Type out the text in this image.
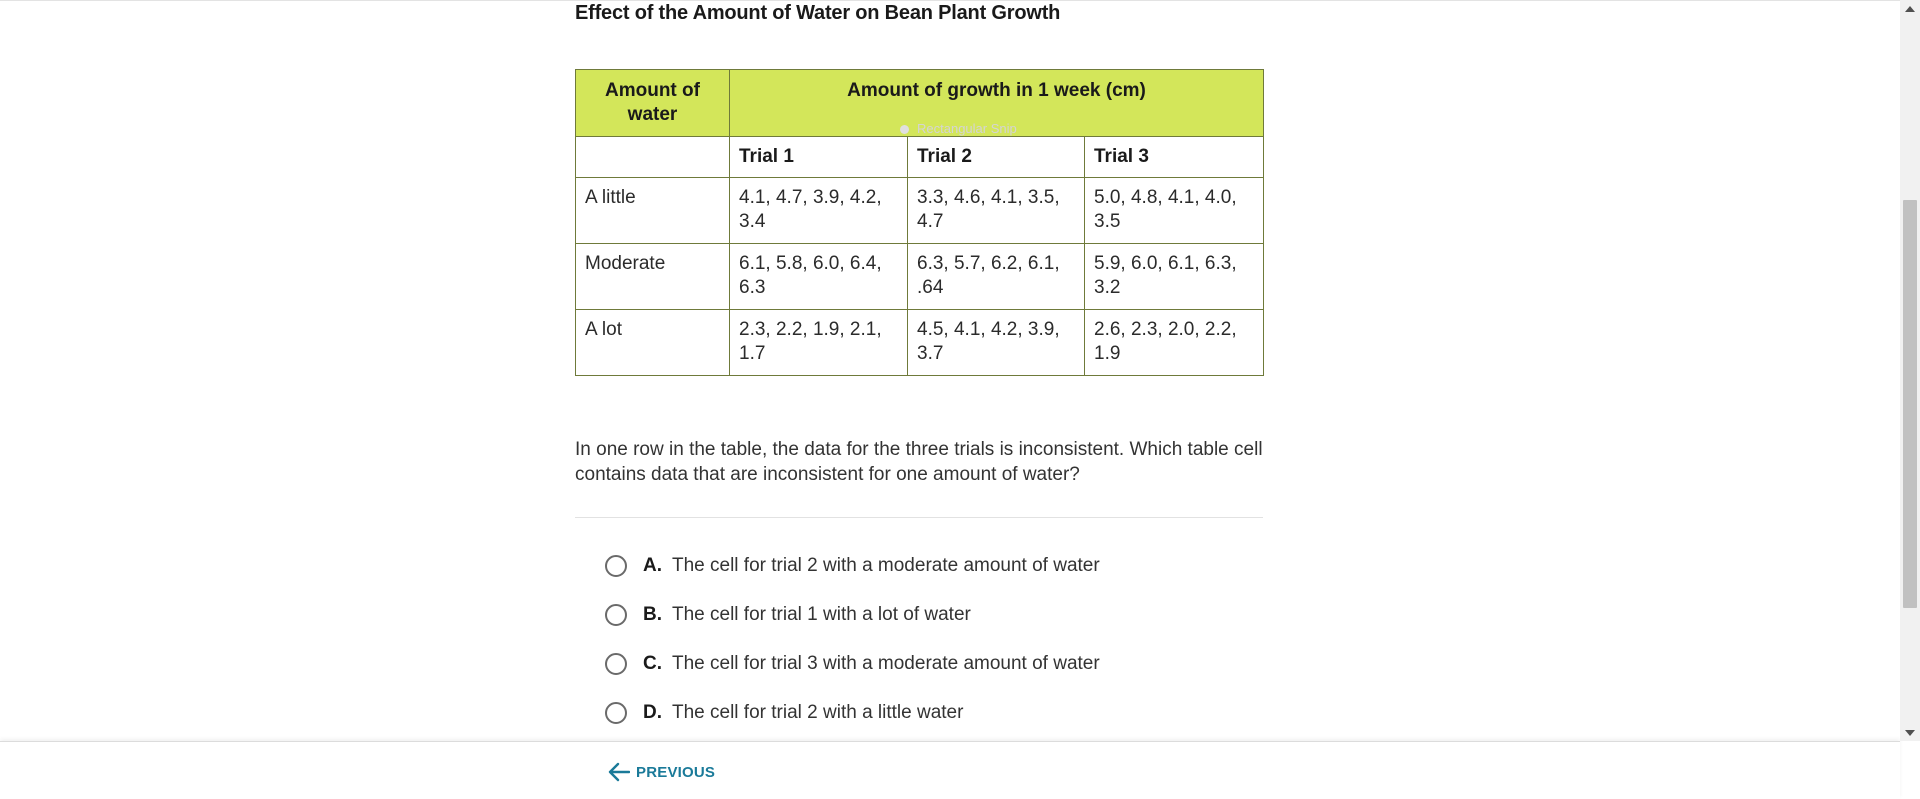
Effect of the Amount of Water on Bean Plant Growth
Amount of water	Amount of growth in 1 week (cm)		
	Trial 1	Trial 2	Trial 3
A little	4.1, 4.7, 3.9, 4.2, 3.4	3.3, 4.6, 4.1, 3.5, 4.7	5.0, 4.8, 4.1, 4.0, 3.5
Moderate	6.1, 5.8, 6.0, 6.4, 6.3	6.3, 5.7, 6.2, 6.1, .64	5.9, 6.0, 6.1, 6.3, 3.2
A lot	2.3, 2.2, 1.9, 2.1, 1.7	4.5, 4.1, 4.2, 3.9, 3.7	2.6, 2.3, 2.0, 2.2, 1.9
Rectangular Snip

In one row in the table, the data for the three trials is inconsistent. Which table cell contains data that are inconsistent for one amount of water?

A. The cell for trial 2 with a moderate amount of water
B. The cell for trial 1 with a lot of water
C. The cell for trial 3 with a moderate amount of water
D. The cell for trial 2 with a little water
PREVIOUS
